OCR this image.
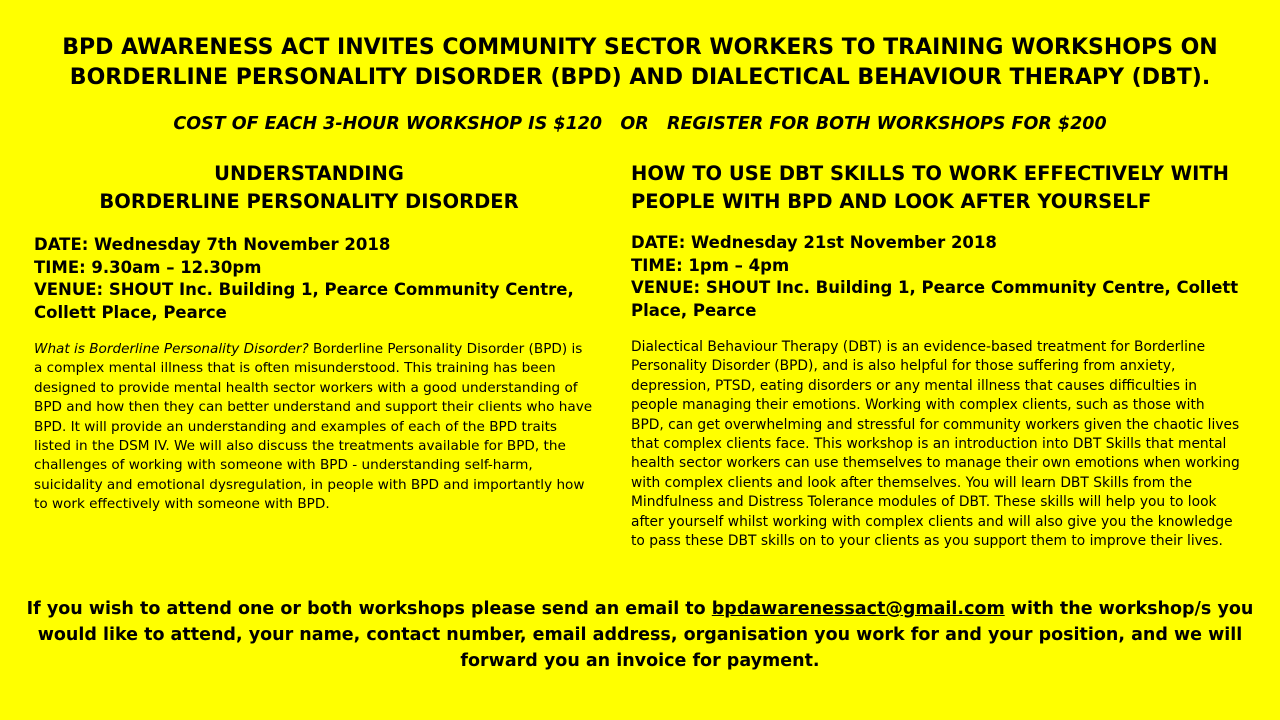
BPD AWARENESS ACT INVITES COMMUNITY SECTOR WORKERS TO TRAINING WORKSHOPS ON
BORDERLINE PERSONALITY DISORDER (BPD) AND DIALECTICAL BEHAVIOUR THERAPY (DBT).

COST OF EACH 3-HOUR WORKSHOP IS $120   OR   REGISTER FOR BOTH WORKSHOPS FOR $200

UNDERSTANDING
BORDERLINE PERSONALITY DISORDER
DATE: Wednesday 7th November 2018
TIME: 9.30am – 12.30pm
VENUE: SHOUT Inc. Building 1, Pearce Community Centre, Collett Place, Pearce

What is Borderline Personality Disorder? Borderline Personality Disorder (BPD) is a complex mental illness that is often misunderstood. This training has been designed to provide mental health sector workers with a good understanding of BPD and how then they can better understand and support their clients who have BPD. It will provide an understanding and examples of each of the BPD traits listed in the DSM IV. We will also discuss the treatments available for BPD, the challenges of working with someone with BPD - understanding self-harm, suicidality and emotional dysregulation, in people with BPD and importantly how to work effectively with someone with BPD.

HOW TO USE DBT SKILLS TO WORK EFFECTIVELY WITH
PEOPLE WITH BPD AND LOOK AFTER YOURSELF
DATE: Wednesday 21st November 2018
TIME: 1pm – 4pm
VENUE: SHOUT Inc. Building 1, Pearce Community Centre, Collett Place, Pearce

Dialectical Behaviour Therapy (DBT) is an evidence-based treatment for Borderline Personality Disorder (BPD), and is also helpful for those suffering from anxiety, depression, PTSD, eating disorders or any mental illness that causes difficulties in people managing their emotions. Working with complex clients, such as those with BPD, can get overwhelming and stressful for community workers given the chaotic lives that complex clients face. This workshop is an introduction into DBT Skills that mental health sector workers can use themselves to manage their own emotions when working with complex clients and look after themselves. You will learn DBT Skills from the Mindfulness and Distress Tolerance modules of DBT. These skills will help you to look after yourself whilst working with complex clients and will also give you the knowledge to pass these DBT skills on to your clients as you support them to improve their lives.

If you wish to attend one or both workshops please send an email to bpdawarenessact@gmail.com with the workshop/s you would like to attend, your name, contact number, email address, organisation you work for and your position, and we will forward you an invoice for payment.
